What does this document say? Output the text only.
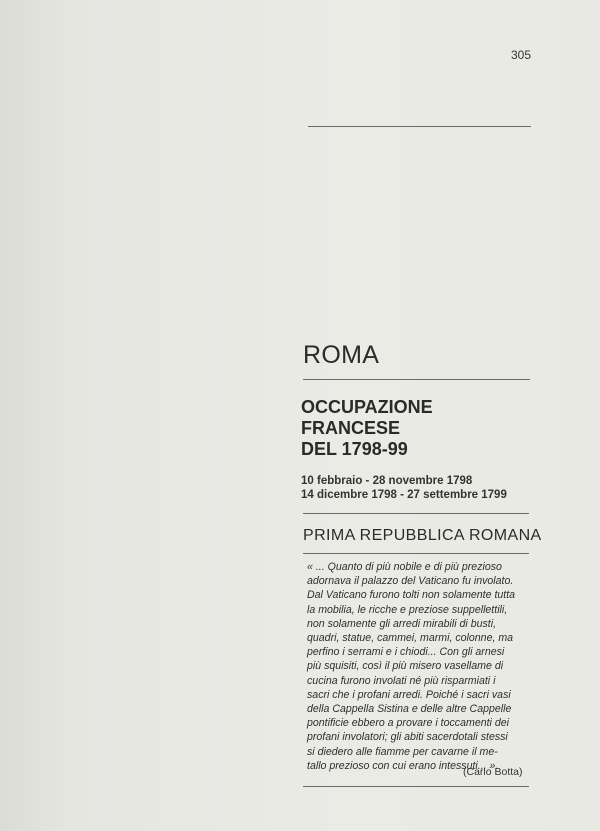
305
ROMA
OCCUPAZIONE
FRANCESE
DEL 1798-99
10 febbraio - 28 novembre 1798
14 dicembre 1798 - 27 settembre 1799
PRIMA REPUBBLICA ROMANA

« ... Quanto di più nobile e di più prezioso
adornava il palazzo del Vaticano fu involato.
Dal Vaticano furono tolti non solamente tutta
la mobilia, le ricche e preziose suppellettili,
non solamente gli arredi mirabili di busti,
quadri, statue, cammei, marmi, colonne, ma
perfino i serrami e i chiodi... Con gli arnesi
più squisiti, così il più misero vasellame di
cucina furono involati né più risparmiati i
sacri che i profani arredi. Poiché i sacri vasi
della Cappella Sistina e delle altre Cappelle
pontificie ebbero a provare i toccamenti dei
profani involatori; gli abiti sacerdotali stessi
si diedero alle fiamme per cavarne il me-
tallo prezioso con cui erano intessuti... ».

(Carlo Botta)
